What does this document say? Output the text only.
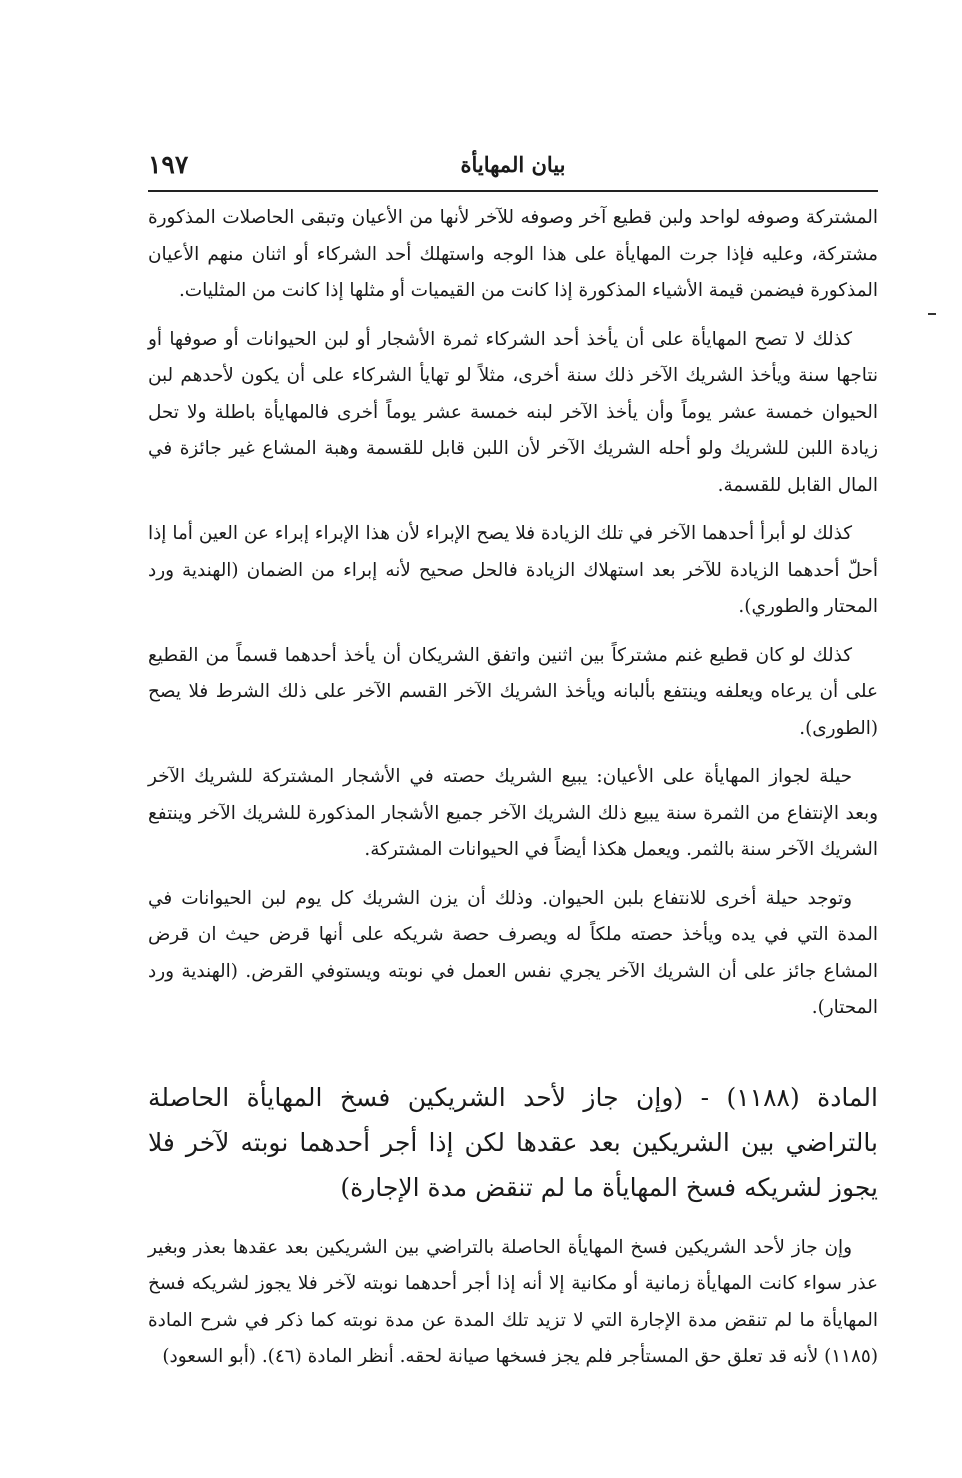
بيان المهايأة
١٩٧

المشتركة وصوفه لواحد ولبن قطيع آخر وصوفه للآخر لأنها من الأعيان وتبقى الحاصلات المذكورة مشتركة، وعليه فإذا جرت المهايأة على هذا الوجه واستهلك أحد الشركاء أو اثنان منهم الأعيان المذكورة فيضمن قيمة الأشياء المذكورة إذا كانت من القيميات أو مثلها إذا كانت من المثليات.

كذلك لا تصح المهايأة على أن يأخذ أحد الشركاء ثمرة الأشجار أو لبن الحيوانات أو صوفها أو نتاجها سنة ويأخذ الشريك الآخر ذلك سنة أخرى، مثلاً لو تهايأ الشركاء على أن يكون لأحدهم لبن الحيوان خمسة عشر يوماً وأن يأخذ الآخر لبنه خمسة عشر يوماً أخرى فالمهايأة باطلة ولا تحل زيادة اللبن للشريك ولو أحله الشريك الآخر لأن اللبن قابل للقسمة وهبة المشاع غير جائزة في المال القابل للقسمة.

كذلك لو أبرأ أحدهما الآخر في تلك الزيادة فلا يصح الإبراء لأن هذا الإبراء إبراء عن العين أما إذا أحلّ أحدهما الزيادة للآخر بعد استهلاك الزيادة فالحل صحيح لأنه إبراء من الضمان (الهندية ورد المحتار والطوري).

كذلك لو كان قطيع غنم مشتركاً بين اثنين واتفق الشريكان أن يأخذ أحدهما قسماً من القطيع على أن يرعاه ويعلفه وينتفع بألبانه ويأخذ الشريك الآخر القسم الآخر على ذلك الشرط فلا يصح (الطورى).

حيلة لجواز المهايأة على الأعيان: يبيع الشريك حصته في الأشجار المشتركة للشريك الآخر وبعد الإنتفاع من الثمرة سنة يبيع ذلك الشريك الآخر جميع الأشجار المذكورة للشريك الآخر وينتفع الشريك الآخر سنة بالثمر. ويعمل هكذا أيضاً في الحيوانات المشتركة.

وتوجد حيلة أخرى للانتفاع بلبن الحيوان. وذلك أن يزن الشريك كل يوم لبن الحيوانات في المدة التي في يده ويأخذ حصته ملكاً له ويصرف حصة شريكه على أنها قرض حيث ان قرض المشاع جائز على أن الشريك الآخر يجري نفس العمل في نوبته ويستوفي القرض. (الهندية ورد المحتار).

المادة (١١٨٨) - (وإن جاز لأحد الشريكين فسخ المهايأة الحاصلة بالتراضي بين الشريكين بعد عقدها لكن إذا أجر أحدهما نوبته لآخر فلا يجوز لشريكه فسخ المهايأة ما لم تنقض مدة الإجارة)

وإن جاز لأحد الشريكين فسخ المهايأة الحاصلة بالتراضي بين الشريكين بعد عقدها بعذر وبغير عذر سواء كانت المهايأة زمانية أو مكانية إلا أنه إذا أجر أحدهما نوبته لآخر فلا يجوز لشريكه فسخ المهايأة ما لم تنقض مدة الإجارة التي لا تزيد تلك المدة عن مدة نوبته كما ذكر في شرح المادة (١١٨٥) لأنه قد تعلق حق المستأجر فلم يجز فسخها صيانة لحقه. أنظر المادة (٤٦). (أبو السعود)
